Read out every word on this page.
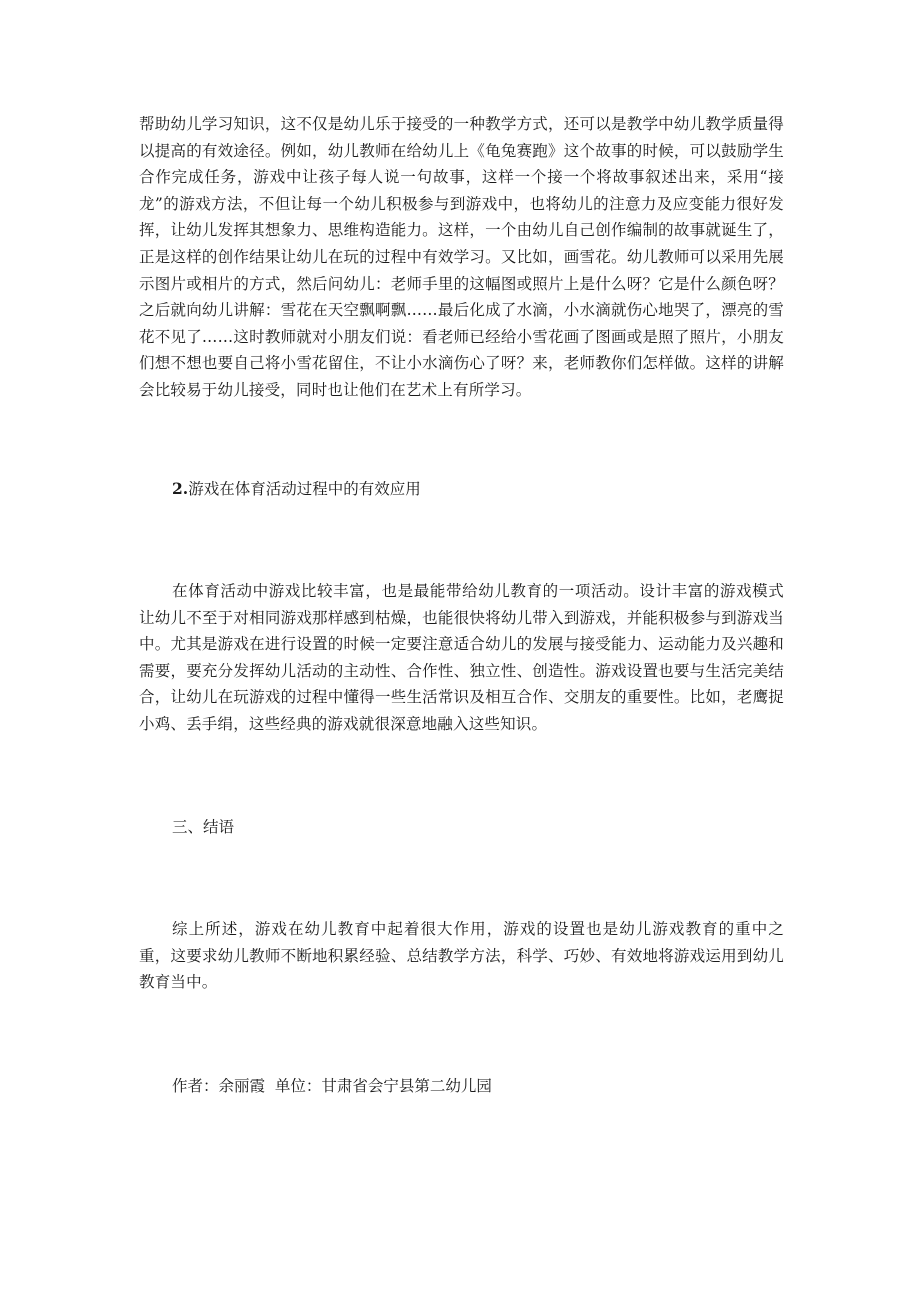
帮助幼儿学习知识，这不仅是幼儿乐于接受的一种教学方式，还可以是教学中幼儿教学质量得以提高的有效途径。例如，幼儿教师在给幼儿上《龟兔赛跑》这个故事的时候，可以鼓励学生合作完成任务，游戏中让孩子每人说一句故事，这样一个接一个将故事叙述出来，采用“接龙”的游戏方法，不但让每一个幼儿积极参与到游戏中，也将幼儿的注意力及应变能力很好发挥，让幼儿发挥其想象力、思维构造能力。这样，一个由幼儿自己创作编制的故事就诞生了，正是这样的创作结果让幼儿在玩的过程中有效学习。又比如，画雪花。幼儿教师可以采用先展示图片或相片的方式，然后问幼儿：老师手里的这幅图或照片上是什么呀？它是什么颜色呀？之后就向幼儿讲解：雪花在天空飘啊飘……最后化成了水滴，小水滴就伤心地哭了，漂亮的雪花不见了……这时教师就对小朋友们说：看老师已经给小雪花画了图画或是照了照片，小朋友们想不想也要自己将小雪花留住，不让小水滴伤心了呀？来，老师教你们怎样做。这样的讲解会比较易于幼儿接受，同时也让他们在艺术上有所学习。

2.游戏在体育活动过程中的有效应用

在体育活动中游戏比较丰富，也是最能带给幼儿教育的一项活动。设计丰富的游戏模式让幼儿不至于对相同游戏那样感到枯燥，也能很快将幼儿带入到游戏，并能积极参与到游戏当中。尤其是游戏在进行设置的时候一定要注意适合幼儿的发展与接受能力、运动能力及兴趣和需要，要充分发挥幼儿活动的主动性、合作性、独立性、创造性。游戏设置也要与生活完美结合，让幼儿在玩游戏的过程中懂得一些生活常识及相互合作、交朋友的重要性。比如，老鹰捉小鸡、丢手绢，这些经典的游戏就很深意地融入这些知识。

三、结语

综上所述，游戏在幼儿教育中起着很大作用，游戏的设置也是幼儿游戏教育的重中之重，这要求幼儿教师不断地积累经验、总结教学方法，科学、巧妙、有效地将游戏运用到幼儿教育当中。

作者：余丽霞  单位：甘肃省会宁县第二幼儿园
